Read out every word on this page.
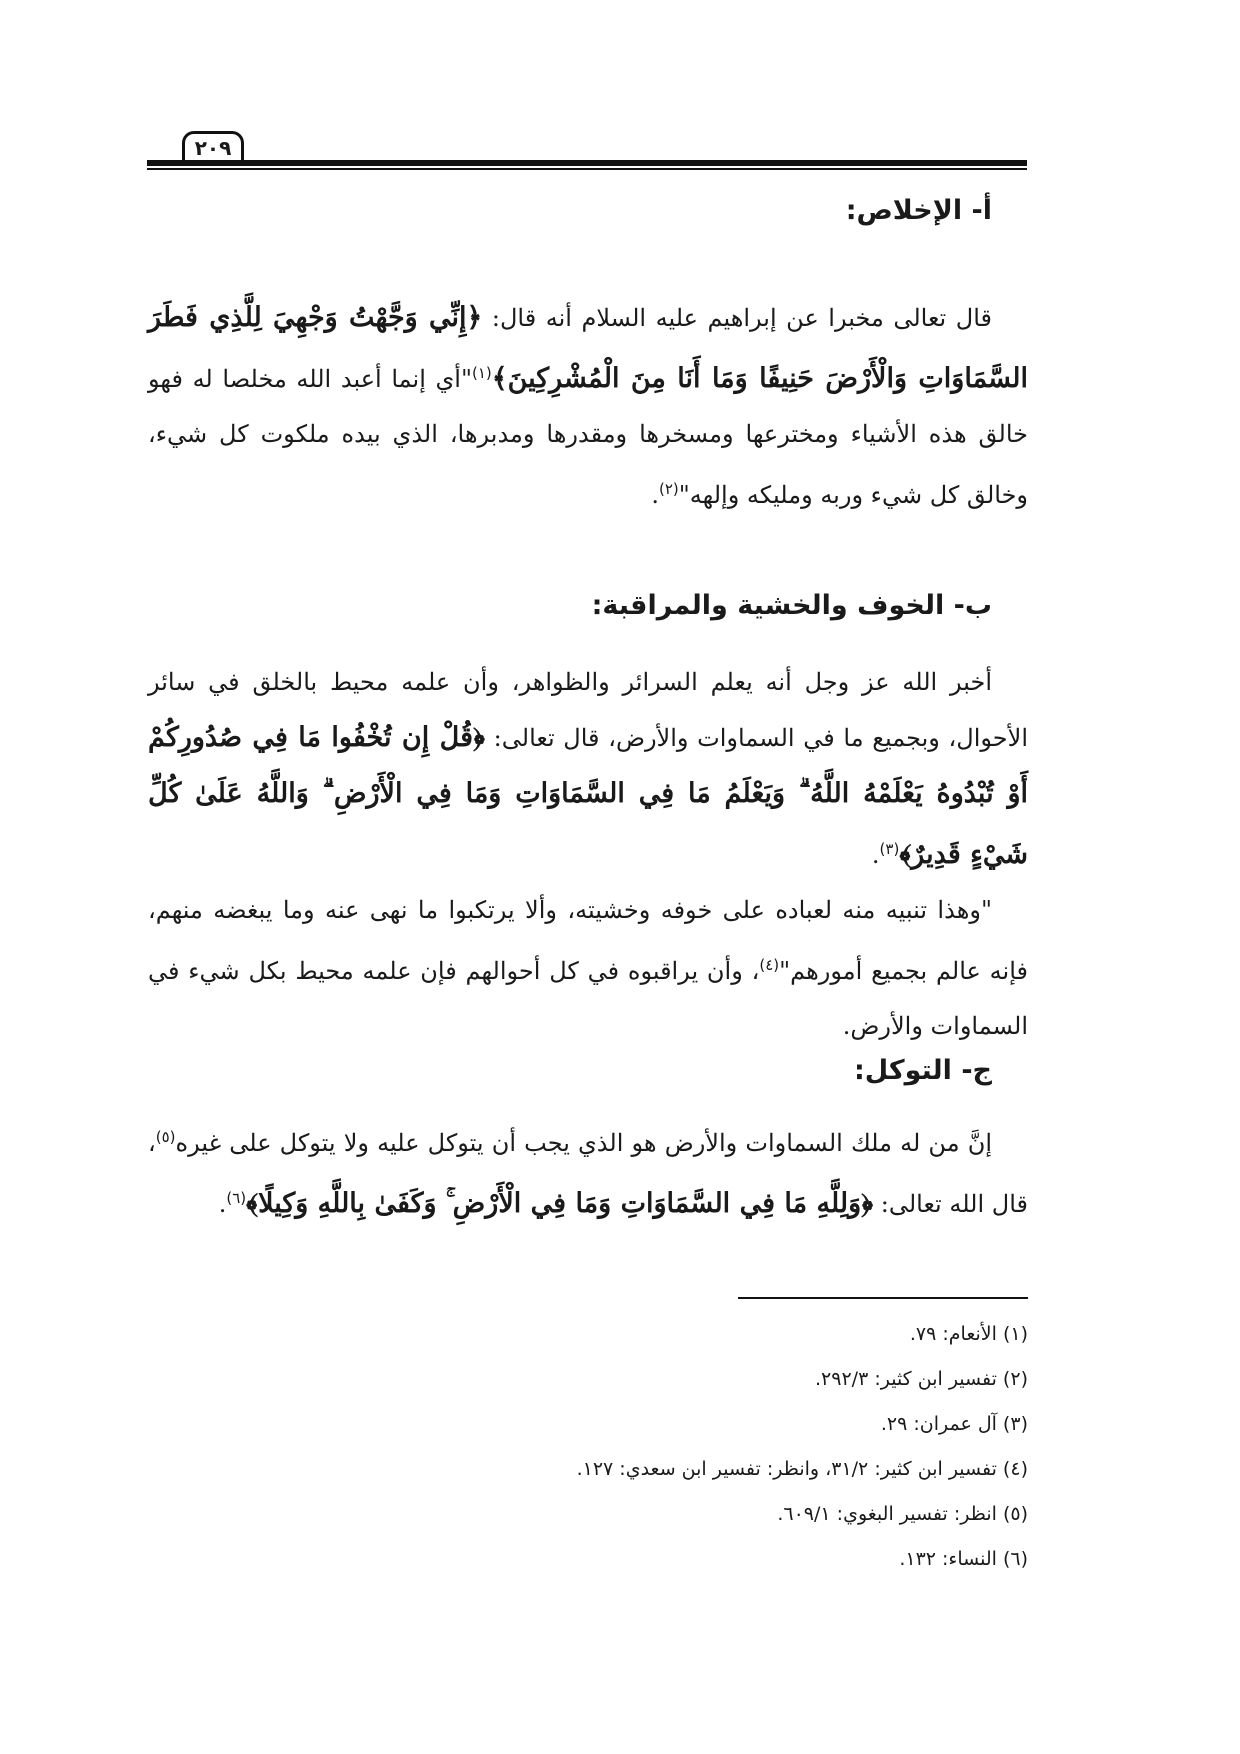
٢٠٩
أ- الإخلاص:

قال تعالى مخبرا عن إبراهيم عليه السلام أنه قال: ﴿إِنِّي وَجَّهْتُ وَجْهِيَ لِلَّذِي فَطَرَ السَّمَاوَاتِ وَالْأَرْضَ حَنِيفًا وَمَا أَنَا مِنَ الْمُشْرِكِينَ﴾$^{(١)}$"أي إنما أعبد الله مخلصا له فهو خالق هذه الأشياء ومخترعها ومسخرها ومقدرها ومدبرها، الذي بيده ملكوت كل شيء، وخالق كل شيء وربه ومليكه وإلهه"$^{(٢)}$.

ب- الخوف والخشية والمراقبة:

أخبر الله عز وجل أنه يعلم السرائر والظواهر، وأن علمه محيط بالخلق في سائر الأحوال، وبجميع ما في السماوات والأرض، قال تعالى: ﴿قُلْ إِن تُخْفُوا مَا فِي صُدُورِكُمْ أَوْ تُبْدُوهُ يَعْلَمْهُ اللَّهُ ۗ وَيَعْلَمُ مَا فِي السَّمَاوَاتِ وَمَا فِي الْأَرْضِ ۗ وَاللَّهُ عَلَىٰ كُلِّ شَيْءٍ قَدِيرٌ﴾$^{(٣)}$.

"وهذا تنبيه منه لعباده على خوفه وخشيته، وألا يرتكبوا ما نهى عنه وما يبغضه منهم، فإنه عالم بجميع أمورهم"$^{(٤)}$، وأن يراقبوه في كل أحوالهم فإن علمه محيط بكل شيء في السماوات والأرض.

ج- التوكل:

إنَّ من له ملك السماوات والأرض هو الذي يجب أن يتوكل عليه ولا يتوكل على غيره$^{(٥)}$، قال الله تعالى: ﴿وَلِلَّهِ مَا فِي السَّمَاوَاتِ وَمَا فِي الْأَرْضِ ۚ وَكَفَىٰ بِاللَّهِ وَكِيلًا﴾$^{(٦)}$.

(١) الأنعام: ٧٩.
(٢) تفسير ابن كثير: ٢٩٢/٣.
(٣) آل عمران: ٢٩.
(٤) تفسير ابن كثير: ٣١/٢، وانظر: تفسير ابن سعدي: ١٢٧.
(٥) انظر: تفسير البغوي: ٦٠٩/١.
(٦) النساء: ١٣٢.
